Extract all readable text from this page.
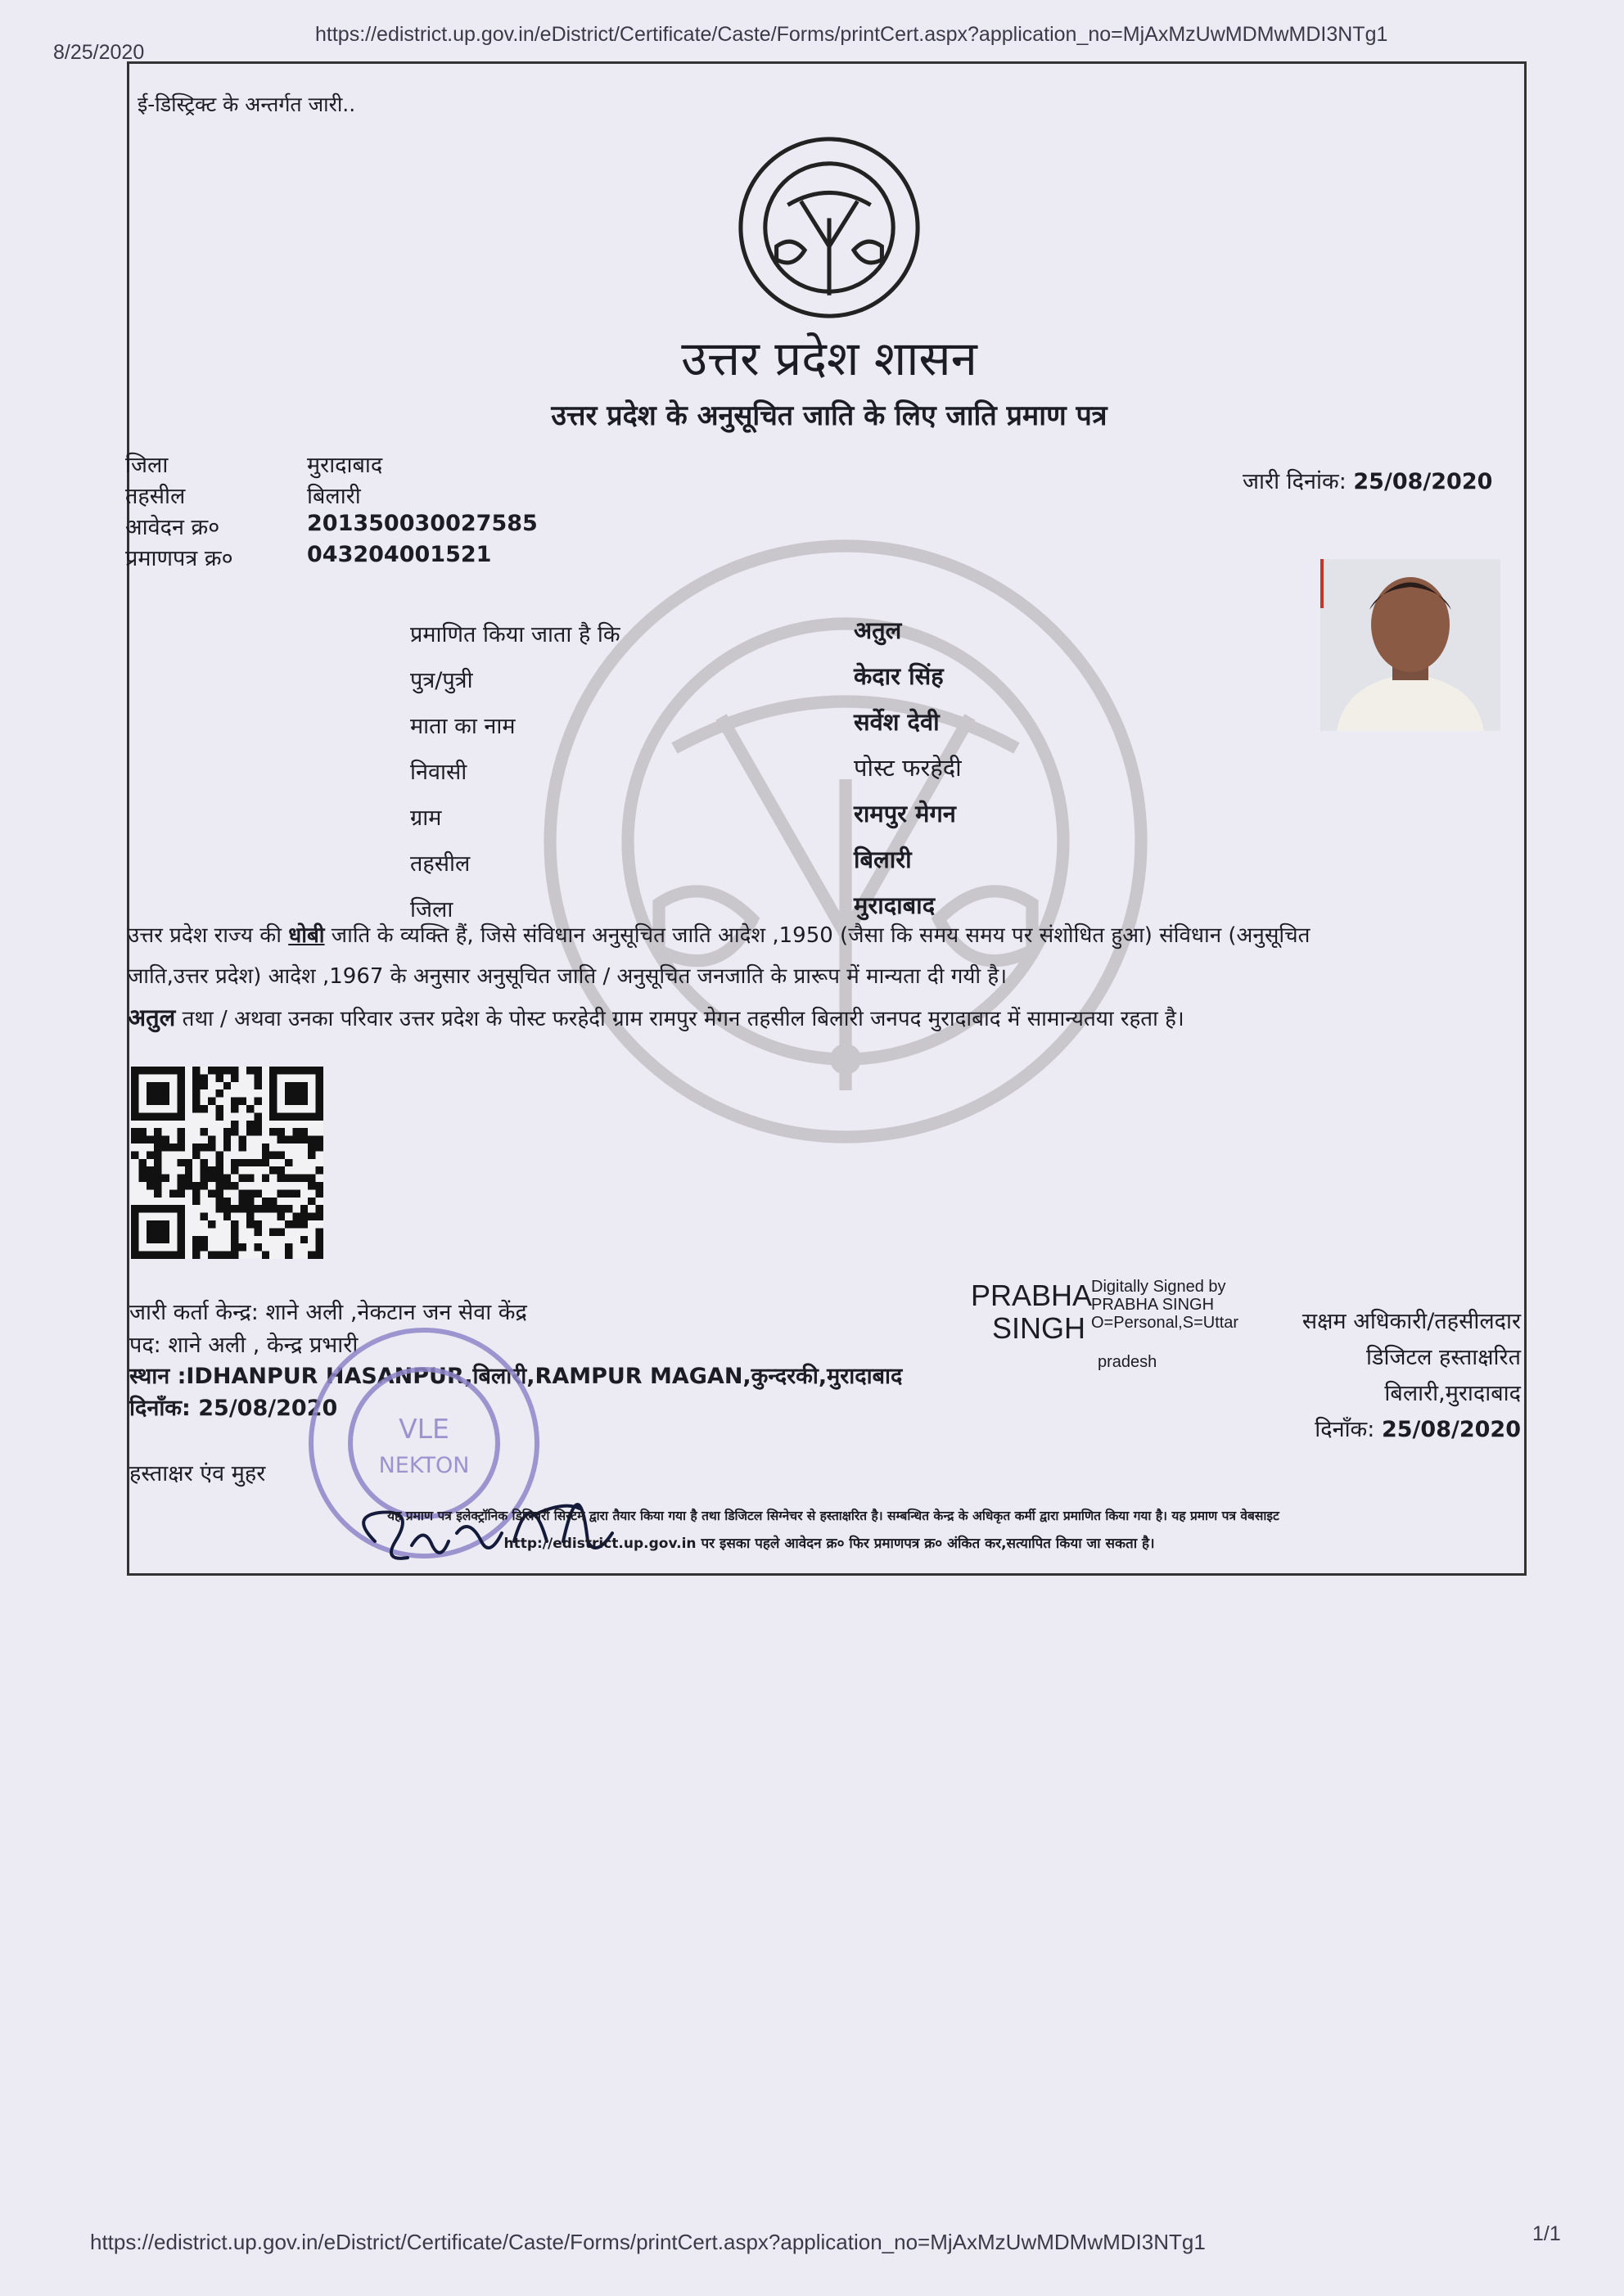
8/25/2020
https://edistrict.up.gov.in/eDistrict/Certificate/Caste/Forms/printCert.aspx?application_no=MjAxMzUwMDMwMDI3NTg1
https://edistrict.up.gov.in/eDistrict/Certificate/Caste/Forms/printCert.aspx?application_no=MjAxMzUwMDMwMDI3NTg1	1/1
ई-डिस्ट्रिक्ट के अन्तर्गत जारी..
उत्तर प्रदेश शासन
उत्तर प्रदेश के अनुसूचित जाति के लिए जाति प्रमाण पत्र
जिला	मुरादाबाद
तहसील	बिलारी
आवेदन क्र०	201350030027585
प्रमाणपत्र क्र०	043204001521
जारी दिनांक: 25/08/2020
प्रमाणित किया जाता है कि	अतुल
पुत्र/पुत्री	केदार सिंह
माता का नाम	सर्वेश देवी
निवासी	पोस्ट फरहेदी
ग्राम	रामपुर मेगन
तहसील	बिलारी
जिला	मुरादाबाद
उत्तर प्रदेश राज्य की धोबी जाति के व्यक्ति हैं, जिसे संविधान अनुसूचित जाति आदेश ,1950 (जैसा कि समय समय पर संशोधित हुआ) संविधान (अनुसूचित
जाति,उत्तर प्रदेश) आदेश ,1967 के अनुसार अनुसूचित जाति / अनुसूचित जनजाति के प्रारूप में मान्यता दी गयी है।
अतुल तथा / अथवा उनका परिवार उत्तर प्रदेश के पोस्ट फरहेदी ग्राम रामपुर मेगन तहसील बिलारी जनपद मुरादाबाद में सामान्यतया रहता है।
जारी कर्ता केन्द्र: शाने अली ,नेकटान जन सेवा केंद्र
पद: शाने अली , केन्द्र प्रभारी
स्थान :IDHANPUR HASANPUR,बिलारी,RAMPUR MAGAN,कुन्दरकी,मुरादाबाद
दिनाँक: 25/08/2020
हस्ताक्षर एंव मुहर
VLE
NEKTON
PRABHA
SINGH
Digitally Signed by
PRABHA SINGH
O=Personal,S=Uttar
pradesh
सक्षम अधिकारी/तहसीलदार
डिजिटल हस्ताक्षरित
बिलारी,मुरादाबाद
दिनाँक: 25/08/2020
यह प्रमाण पत्र इलेक्ट्रॉनिक डिलिवरी सिस्टम द्वारा तैयार किया गया है तथा डिजिटल सिग्नेचर से हस्ताक्षरित है। सम्बन्धित केन्द्र के अधिकृत कर्मी द्वारा प्रमाणित किया गया है। यह प्रमाण पत्र वेबसाइट
http://edistrict.up.gov.in पर इसका पहले आवेदन क्र० फिर प्रमाणपत्र क्र० अंकित कर,सत्यापित किया जा सकता है।
